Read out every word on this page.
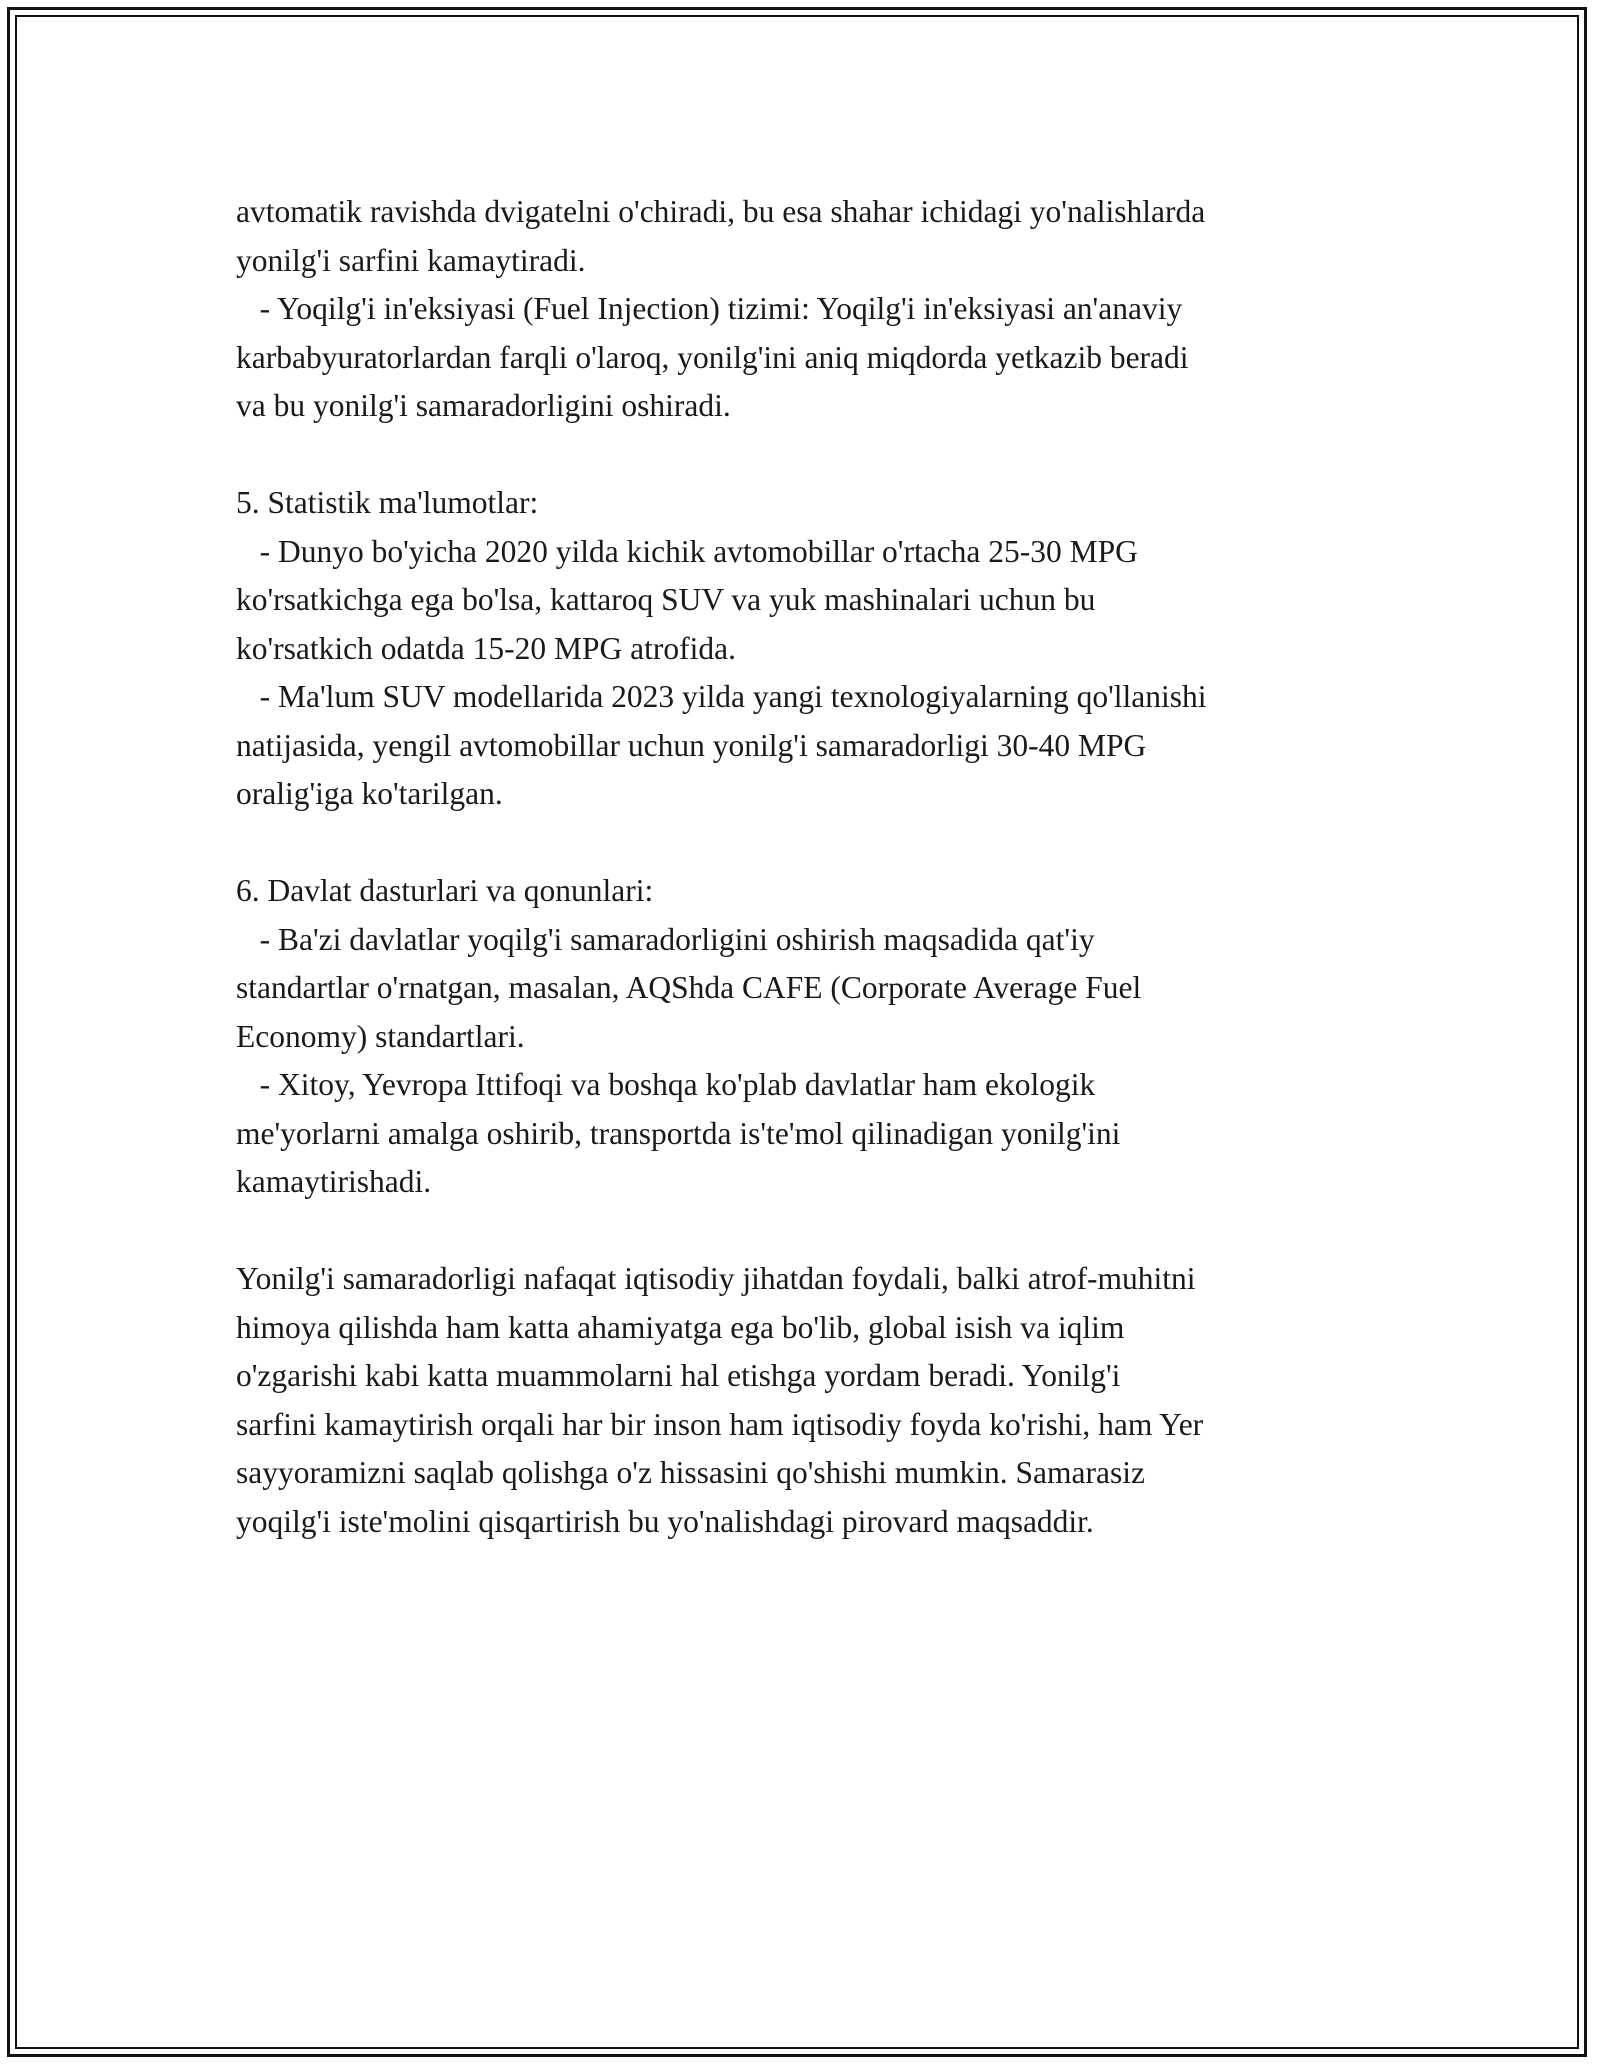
avtomatik ravishda dvigatelni o'chiradi, bu esa shahar ichidagi yo'nalishlarda
yonilg'i sarfini kamaytiradi.
- Yoqilg'i in'eksiyasi (Fuel Injection) tizimi: Yoqilg'i in'eksiyasi an'anaviy
karbabyuratorlardan farqli o'laroq, yonilg'ini aniq miqdorda yetkazib beradi
va bu yonilg'i samaradorligini oshiradi.
5. Statistik ma'lumotlar:
- Dunyo bo'yicha 2020 yilda kichik avtomobillar o'rtacha 25-30 MPG
ko'rsatkichga ega bo'lsa, kattaroq SUV va yuk mashinalari uchun bu
ko'rsatkich odatda 15-20 MPG atrofida.
- Ma'lum SUV modellarida 2023 yilda yangi texnologiyalarning qo'llanishi
natijasida, yengil avtomobillar uchun yonilg'i samaradorligi 30-40 MPG
oralig'iga ko'tarilgan.
6. Davlat dasturlari va qonunlari:
- Ba'zi davlatlar yoqilg'i samaradorligini oshirish maqsadida qat'iy
standartlar o'rnatgan, masalan, AQShda CAFE (Corporate Average Fuel
Economy) standartlari.
- Xitoy, Yevropa Ittifoqi va boshqa ko'plab davlatlar ham ekologik
me'yorlarni amalga oshirib, transportda is'te'mol qilinadigan yonilg'ini
kamaytirishadi.
Yonilg'i samaradorligi nafaqat iqtisodiy jihatdan foydali, balki atrof-muhitni
himoya qilishda ham katta ahamiyatga ega bo'lib, global isish va iqlim
o'zgarishi kabi katta muammolarni hal etishga yordam beradi. Yonilg'i
sarfini kamaytirish orqali har bir inson ham iqtisodiy foyda ko'rishi, ham Yer
sayyoramizni saqlab qolishga o'z hissasini qo'shishi mumkin. Samarasiz
yoqilg'i iste'molini qisqartirish bu yo'nalishdagi pirovard maqsaddir.
